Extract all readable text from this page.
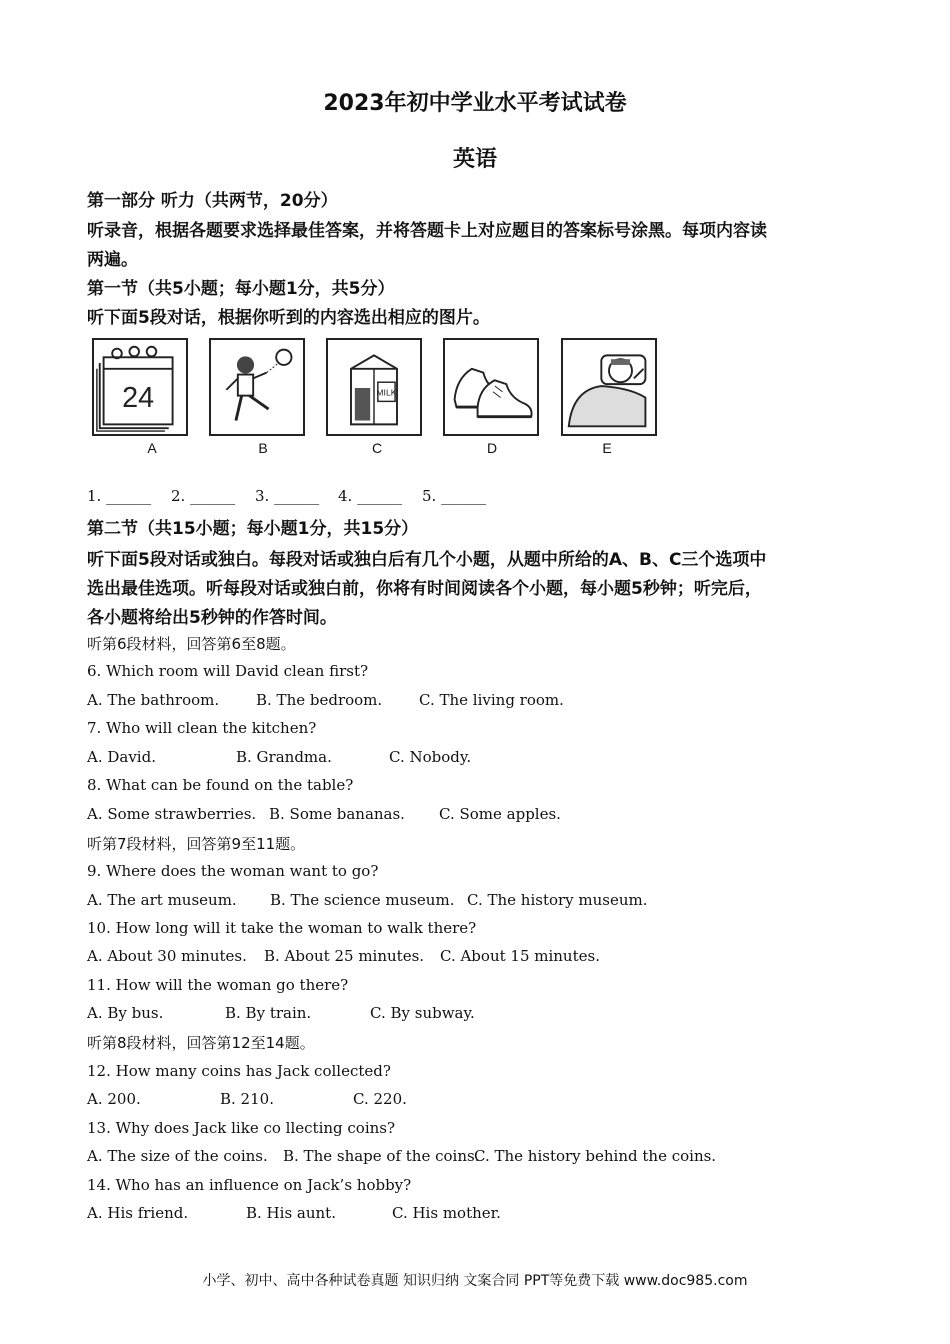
2023年初中学业水平考试试卷
英语
第一部分 听力（共两节，20分）
听录音，根据各题要求选择最佳答案，并将答题卡上对应题目的答案标号涂黑。每项内容读
两遍。
第一节（共5小题；每小题1分，共5分）
听下面5段对话，根据你听到的内容选出相应的图片。
24	MILK
A	B	C	D	E
1. ______ 2. ______ 3. ______ 4. ______ 5. ______
第二节（共15小题；每小题1分，共15分）
听下面5段对话或独白。每段对话或独白后有几个小题，从题中所给的A、B、C三个选项中
选出最佳选项。听每段对话或独白前，你将有时间阅读各个小题，每小题5秒钟；听完后，
各小题将给出5秒钟的作答时间。
听第6段材料，回答第6至8题。
6. Which room will David clean first?
A. The bathroom. B. The bedroom. C. The living room.
7. Who will clean the kitchen?
A. David.	B. Grandma.	C. Nobody.
8. What can be found on the table?
A. Some strawberries. B. Some bananas. C. Some apples.
听第7段材料，回答第9至11题。
9. Where does the woman want to go?
A. The art museum. B. The science museum. C. The history museum.
10. How long will it take the woman to walk there?
A. About 30 minutes. B. About 25 minutes. C. About 15 minutes.
11. How will the woman go there?
A. By bus.	B. By train.	C. By subway.
听第8段材料，回答第12至14题。
12. How many coins has Jack collected?
A. 200.	B. 210.	C. 220.
13. Why does Jack like co llecting coins?
A. The size of the coins. B. The shape of the coins.
C. The history behind the coins.
14. Who has an influence on Jack’s hobby?
A. His friend.	B. His aunt.	C. His mother.
小学、初中、高中各种试卷真题 知识归纳 文案合同 PPT等免费下载 www.doc985.com
